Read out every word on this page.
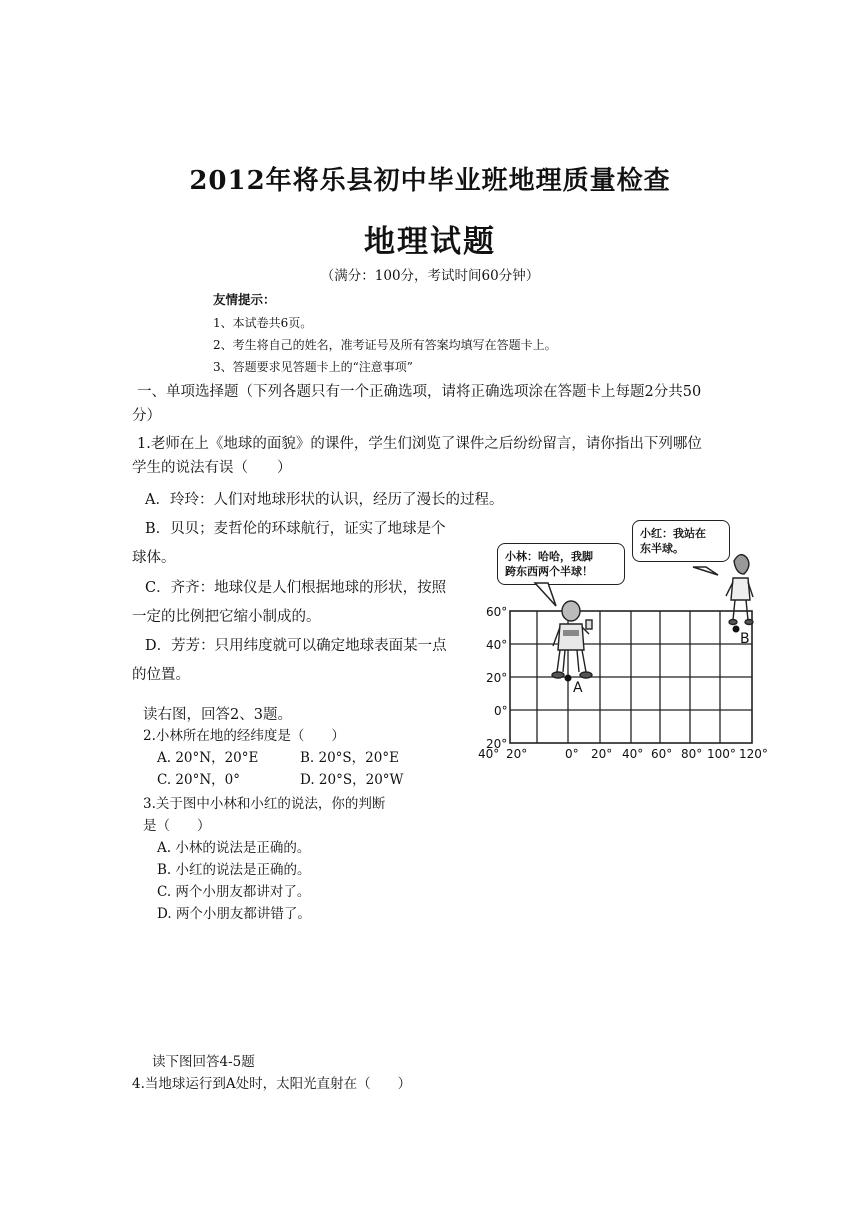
2012年将乐县初中毕业班地理质量检查
地理试题
（满分：100分，考试时间60分钟）
友情提示：
1、本试卷共6页。
2、考生将自己的姓名，准考证号及所有答案均填写在答题卡上。
3、答题要求见答题卡上的“注意事项”
一、单项选择题（下列各题只有一个正确选项，请将正确选项涂在答题卡上每题2分共50
分）
1.老师在上《地球的面貌》的课件，学生们浏览了课件之后纷纷留言，请你指出下列哪位
学生的说法有误（　　）
A．玲玲：人们对地球形状的认识，经历了漫长的过程。
B．贝贝；麦哲伦的环球航行，证实了地球是个
球体。
C．齐齐：地球仪是人们根据地球的形状，按照
一定的比例把它缩小制成的。
D．芳芳：只用纬度就可以确定地球表面某一点
的位置。
读右图，回答2、3题。
2.小林所在地的经纬度是（　　）
A. 20°N，20°E	B. 20°S，20°E
C. 20°N，0°	D. 20°S，20°W
3.关于图中小林和小红的说法，你的判断
是（　　）
A. 小林的说法是正确的。
B. 小红的说法是正确的。
C. 两个小朋友都讲对了。
D. 两个小朋友都讲错了。
读下图回答4-5题
4.当地球运行到A处时，太阳光直射在（　　）
小林：哈哈，我脚
跨东西两个半球！
小红：我站在
东半球。
60°
40°
20°
0°
20°
40° 20°	0° 20° 40° 60° 80° 100° 120°
A
B
